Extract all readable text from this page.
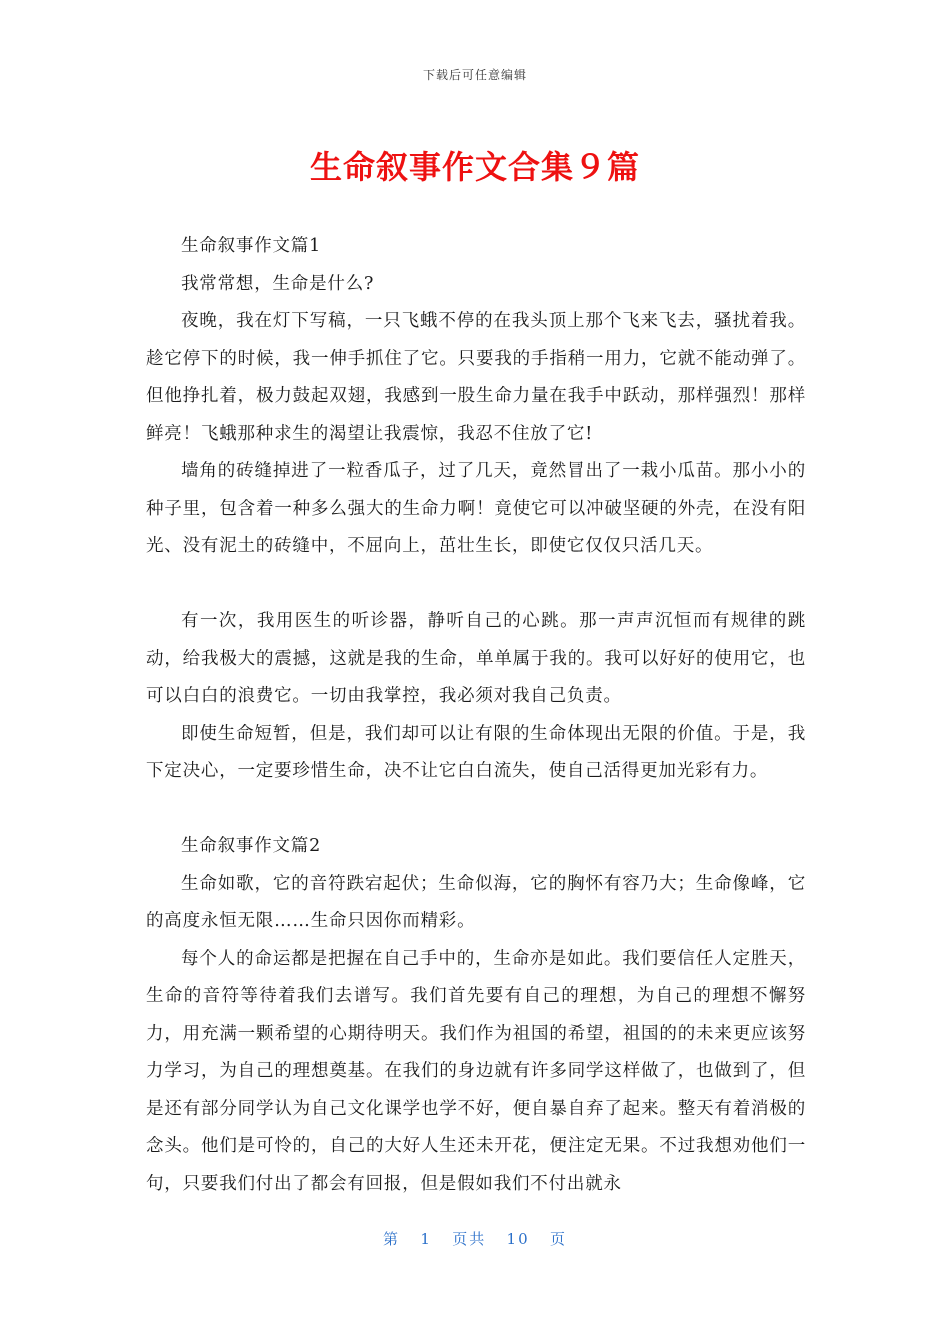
下载后可任意编辑
生命叙事作文合集９篇

生命叙事作文篇1

我常常想，生命是什么?

夜晚，我在灯下写稿，一只飞蛾不停的在我头顶上那个飞来飞去，骚扰着我。趁它停下的时候，我一伸手抓住了它。只要我的手指稍一用力，它就不能动弹了。但他挣扎着，极力鼓起双翅，我感到一股生命力量在我手中跃动，那样强烈！那样鲜亮！飞蛾那种求生的渴望让我震惊，我忍不住放了它!

墙角的砖缝掉进了一粒香瓜子，过了几天，竟然冒出了一栽小瓜苗。那小小的种子里，包含着一种多么强大的生命力啊！竟使它可以冲破坚硬的外壳，在没有阳光、没有泥土的砖缝中，不屈向上，茁壮生长，即使它仅仅只活几天。

有一次，我用医生的听诊器，静听自己的心跳。那一声声沉恒而有规律的跳动，给我极大的震撼，这就是我的生命，单单属于我的。我可以好好的使用它，也可以白白的浪费它。一切由我掌控，我必须对我自己负责。

即使生命短暂，但是，我们却可以让有限的生命体现出无限的价值。于是，我下定决心，一定要珍惜生命，决不让它白白流失，使自己活得更加光彩有力。

生命叙事作文篇2

生命如歌，它的音符跌宕起伏；生命似海，它的胸怀有容乃大；生命像峰，它的高度永恒无限……生命只因你而精彩。

每个人的命运都是把握在自己手中的，生命亦是如此。我们要信任人定胜天，生命的音符等待着我们去谱写。我们首先要有自己的理想，为自己的理想不懈努力，用充满一颗希望的心期待明天。我们作为祖国的希望，祖国的的未来更应该努力学习，为自己的理想奠基。在我们的身边就有许多同学这样做了，也做到了，但是还有部分同学认为自己文化课学也学不好，便自暴自弃了起来。整天有着消极的念头。他们是可怜的，自己的大好人生还未开花，便注定无果。不过我想劝他们一句，只要我们付出了都会有回报，但是假如我们不付出就永

第 1 页共 10 页
